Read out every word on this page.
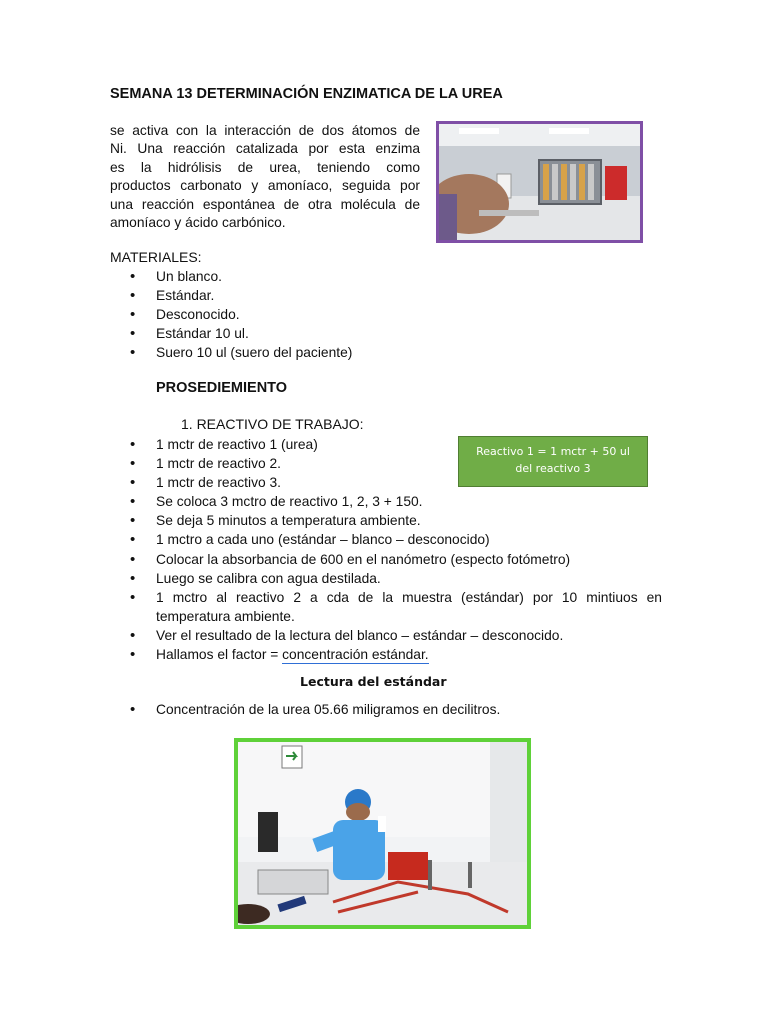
SEMANA 13 DETERMINACIÓN ENZIMATICA DE LA UREA
se activa con la interacción de dos átomos de
Ni. Una reacción catalizada por esta enzima
es la hidrólisis de urea, teniendo como
productos carbonato y amoníaco, seguida por
una reacción espontánea de otra molécula de
amoníaco y ácido carbónico.
MATERIALES:
• Un blanco.
• Estándar.
• Desconocido.
• Estándar 10 ul.
• Suero 10 ul (suero del paciente)
PROSEDIEMIENTO
1. REACTIVO DE TRABAJO:
• 1 mctr de reactivo 1 (urea)
• 1 mctr de reactivo 2.
• 1 mctr de reactivo 3.
• Se coloca 3 mctro de reactivo 1, 2, 3 + 150.
• Se deja 5 minutos a temperatura ambiente.
• 1 mctro a cada uno (estándar – blanco – desconocido)
• Colocar la absorbancia de 600 en el nanómetro (especto fotómetro)
• Luego se calibra con agua destilada.
• 1 mctro al reactivo 2 a cda de la muestra (estándar) por 10 mintiuos en
temperatura ambiente.
• Ver el resultado de la lectura del blanco – estándar – desconocido.
• Hallamos el factor = concentración estándar.
Reactivo 1 = 1 mctr + 50 ul
del reactivo 3
Lectura del estándar
• Concentración de la urea 05.66 miligramos en decilitros.
